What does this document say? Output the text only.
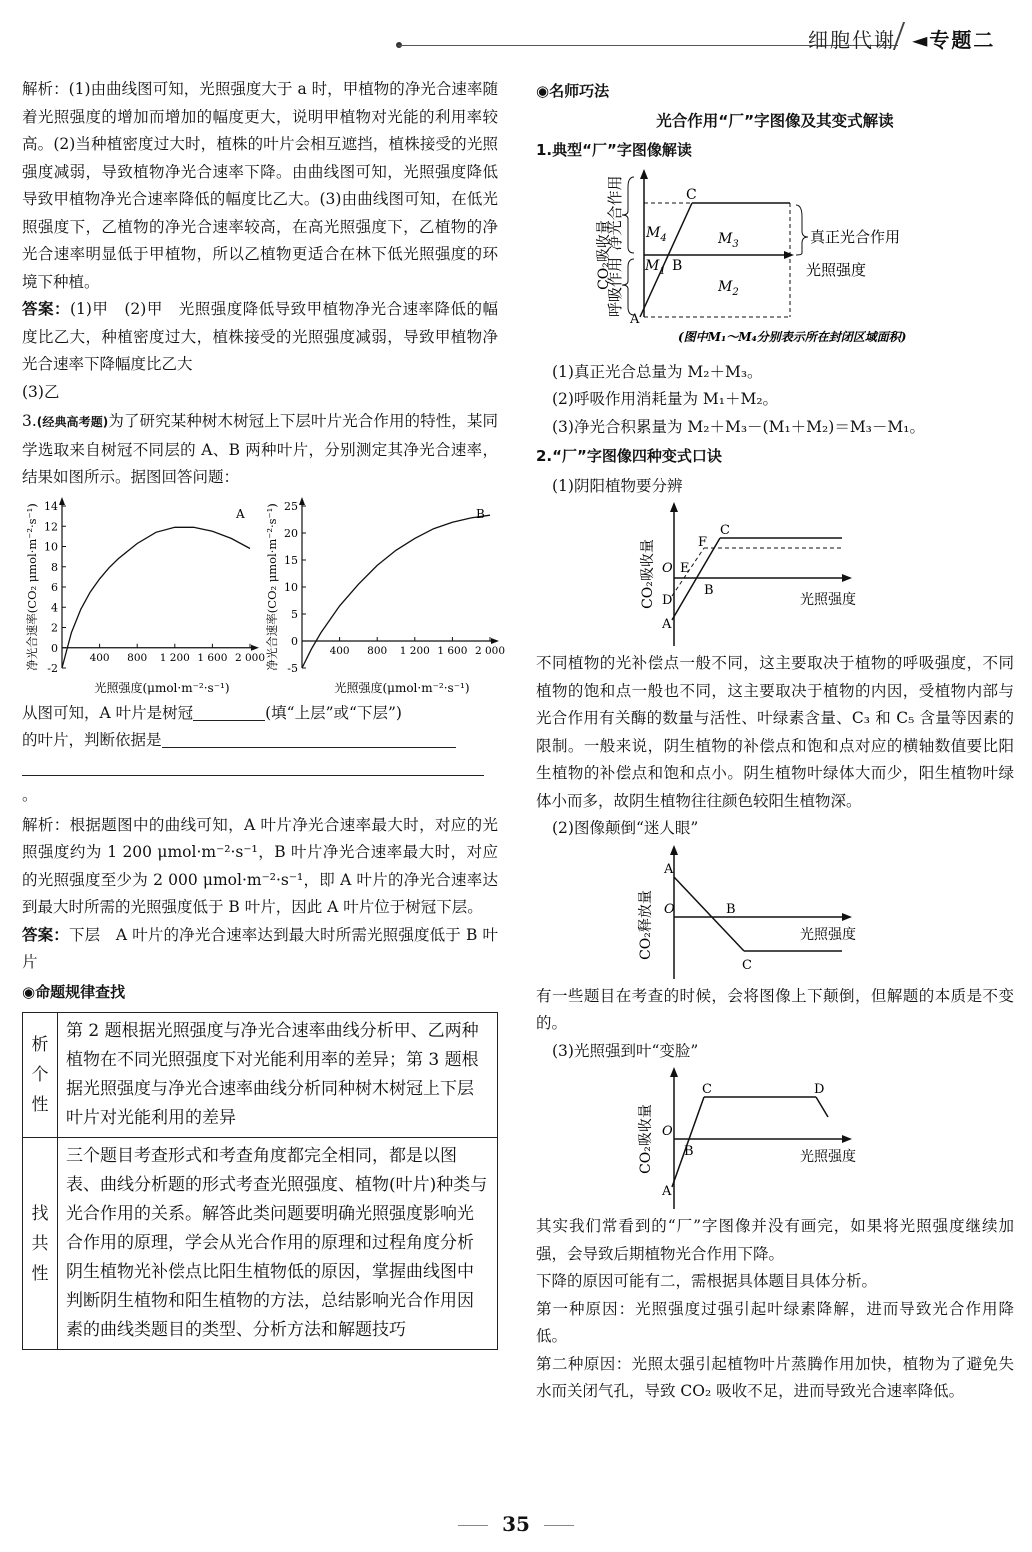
细胞代谢 ◄专题二

解析：(1)由曲线图可知，光照强度大于 a 时，甲植物的净光合速率随着光照强度的增加而增加的幅度更大，说明甲植物对光能的利用率较高。(2)当种植密度过大时，植株的叶片会相互遮挡，植株接受的光照强度减弱，导致植物净光合速率下降。由曲线图可知，光照强度降低导致甲植物净光合速率降低的幅度比乙大。(3)由曲线图可知，在低光照强度下，乙植物的净光合速率较高，在高光照强度下，乙植物的净光合速率明显低于甲植物，所以乙植物更适合在林下低光照强度的环境下种植。

答案：(1)甲　(2)甲　光照强度降低导致甲植物净光合速率降低的幅度比乙大，种植密度过大，植株接受的光照强度减弱，导致甲植物净光合速率下降幅度比乙大

(3)乙

3.(经典高考题)为了研究某种树木树冠上下层叶片光合作用的特性，某同学选取来自树冠不同层的 A、B 两种叶片，分别测定其净光合速率，结果如图所示。据图回答问题：

-2
0
2
4
6
8
10
12
14
400 800 1 200 1 600 2 000
A
净光合速率(CO₂ μmol·m⁻²·s⁻¹)
光照强度(μmol·m⁻²·s⁻¹)
-5
0
5
10
15
20
25
400 800 1 200 1 600 2 000
B
净光合速率(CO₂ μmol·m⁻²·s⁻¹)
光照强度(μmol·m⁻²·s⁻¹)

从图可知，A 叶片是树冠	(填“上层”或“下层”)

的叶片，判断依据是

。

解析：根据题图中的曲线可知，A 叶片净光合速率最大时，对应的光照强度约为 1 200 μmol·m⁻²·s⁻¹，B 叶片净光合速率最大时，对应的光照强度至少为 2 000 μmol·m⁻²·s⁻¹，即 A 叶片的净光合速率达到最大时所需的光照强度低于 B 叶片，因此 A 叶片位于树冠下层。

答案：下层　A 叶片的净光合速率达到最大时所需光照强度低于 B 叶片

◉命题规律查找
析个性	第 2 题根据光照强度与净光合速率曲线分析甲、乙两种植物在不同光照强度下对光能利用率的差异；第 3 题根据光照强度与净光合速率曲线分析同种树木树冠上下层叶片对光能利用的差异
找共性	三个题目考查形式和考查角度都完全相同，都是以图表、曲线分析题的形式考查光照强度、植物(叶片)种类与光合作用的关系。解答此类问题要明确光照强度影响光合作用的原理，学会从光合作用的原理和过程角度分析阴生植物光补偿点比阳生植物低的原因，掌握曲线图中判断阴生植物和阳生植物的方法，总结影响光合作用因素的曲线类题目的类型、分析方法和解题技巧
◉名师巧法
光合作用“厂”字图像及其变式解读
1.典型“厂”字图像解读
CO₂吸收量
净光合作用
呼吸作用
C
B
A
$M_4$	$M_3$
$M_1$
$M_2$
真正光合作用
光照强度
(图中M₁～M₄分别表示所在封闭区域面积)

(1)真正光合总量为 M₂＋M₃。

(2)呼吸作用消耗量为 M₁＋M₂。

(3)净光合积累量为 M₂＋M₃－(M₁＋M₂)＝M₃－M₁。

2.“厂”字图像四种变式口诀

(1)阴阳植物要分辨

CO₂吸收量
C
F
O E
D
B
A
光照强度

不同植物的光补偿点一般不同，这主要取决于植物的呼吸强度，不同植物的饱和点一般也不同，这主要取决于植物的内因，受植物内部与光合作用有关酶的数量与活性、叶绿素含量、C₃ 和 C₅ 含量等因素的限制。一般来说，阴生植物的补偿点和饱和点对应的横轴数值要比阳生植物的补偿点和饱和点小。阴生植物叶绿体大而少，阳生植物叶绿体小而多，故阴生植物往往颜色较阳生植物深。

(2)图像颠倒“迷人眼”

CO₂释放量
A
O	B
C
光照强度

有一些题目在考查的时候，会将图像上下颠倒，但解题的本质是不变的。

(3)光照强到叶“变脸”

CO₂吸收量
C	D
O
B
A
光照强度

其实我们常看到的“厂”字图像并没有画完，如果将光照强度继续加强，会导致后期植物光合作用下降。

下降的原因可能有二，需根据具体题目具体分析。

第一种原因：光照强度过强引起叶绿素降解，进而导致光合作用降低。

第二种原因：光照太强引起植物叶片蒸腾作用加快，植物为了避免失水而关闭气孔，导致 CO₂ 吸收不足，进而导致光合速率降低。

35
